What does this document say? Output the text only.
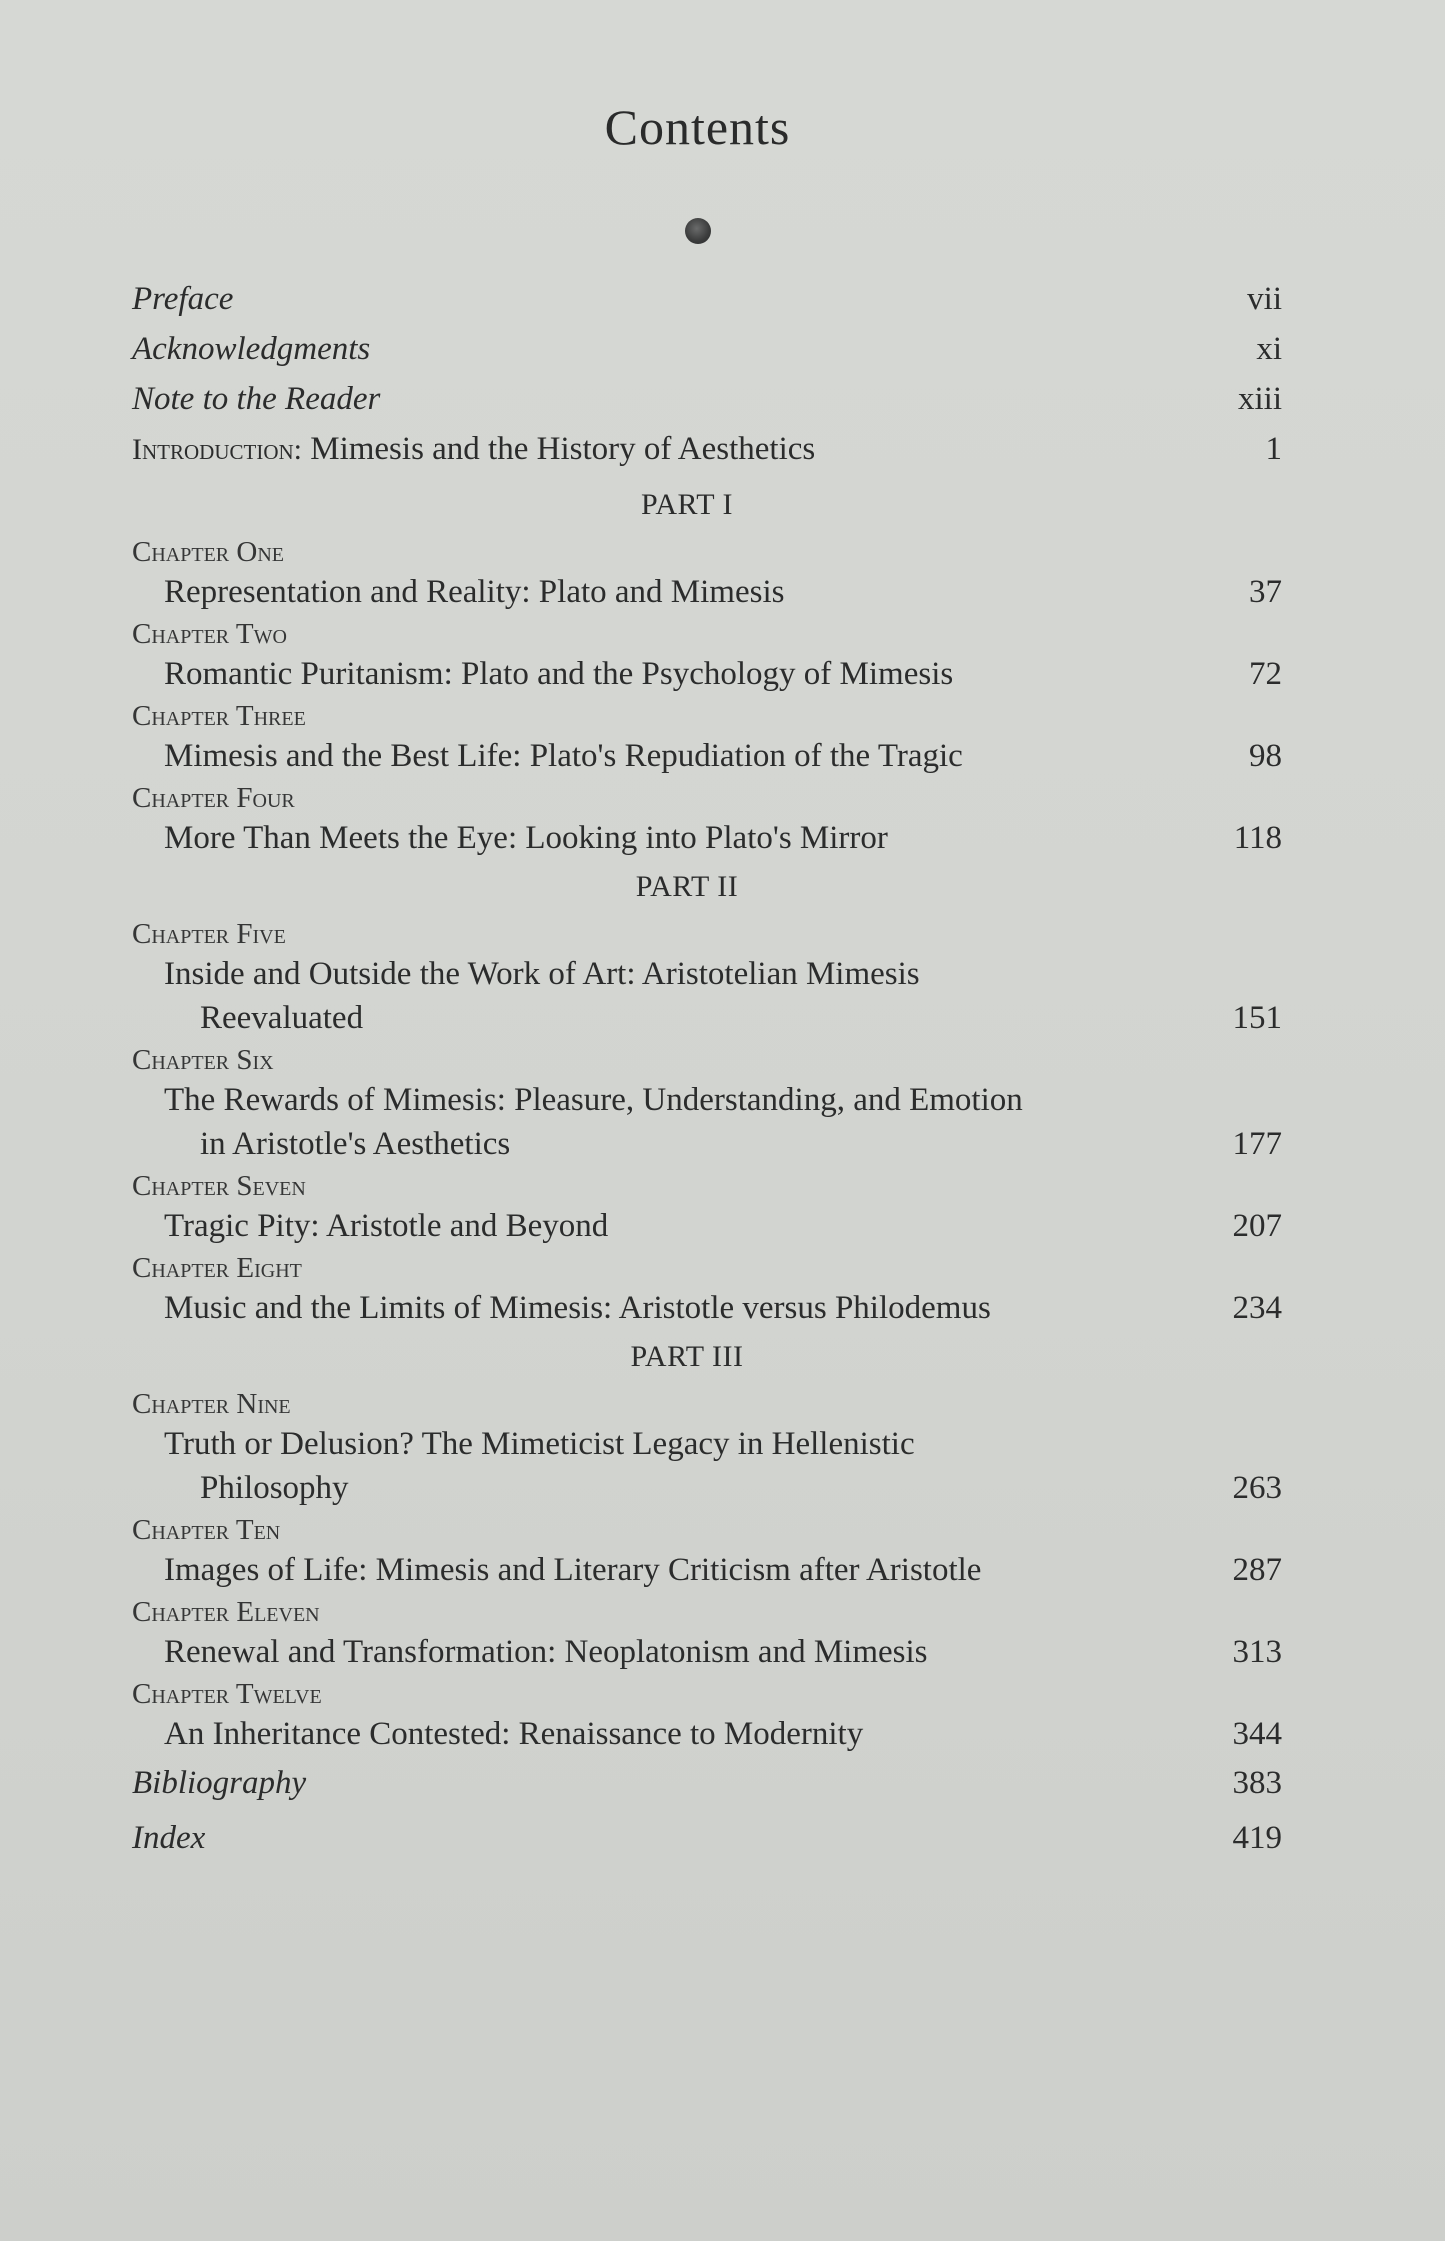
Contents
Preface	vii
Acknowledgments	xi
Note to the Reader	xiii
Introduction: Mimesis and the History of Aesthetics	1
PART I
Chapter One
Representation and Reality: Plato and Mimesis	37
Chapter Two
Romantic Puritanism: Plato and the Psychology of Mimesis	72
Chapter Three
Mimesis and the Best Life: Plato's Repudiation of the Tragic	98
Chapter Four
More Than Meets the Eye: Looking into Plato's Mirror	118
PART II
Chapter Five
Inside and Outside the Work of Art: Aristotelian Mimesis
Reevaluated	151
Chapter Six
The Rewards of Mimesis: Pleasure, Understanding, and Emotion
in Aristotle's Aesthetics	177
Chapter Seven
Tragic Pity: Aristotle and Beyond	207
Chapter Eight
Music and the Limits of Mimesis: Aristotle versus Philodemus	234
PART III
Chapter Nine
Truth or Delusion? The Mimeticist Legacy in Hellenistic
Philosophy	263
Chapter Ten
Images of Life: Mimesis and Literary Criticism after Aristotle	287
Chapter Eleven
Renewal and Transformation: Neoplatonism and Mimesis	313
Chapter Twelve
An Inheritance Contested: Renaissance to Modernity	344
Bibliography	383
Index	419
